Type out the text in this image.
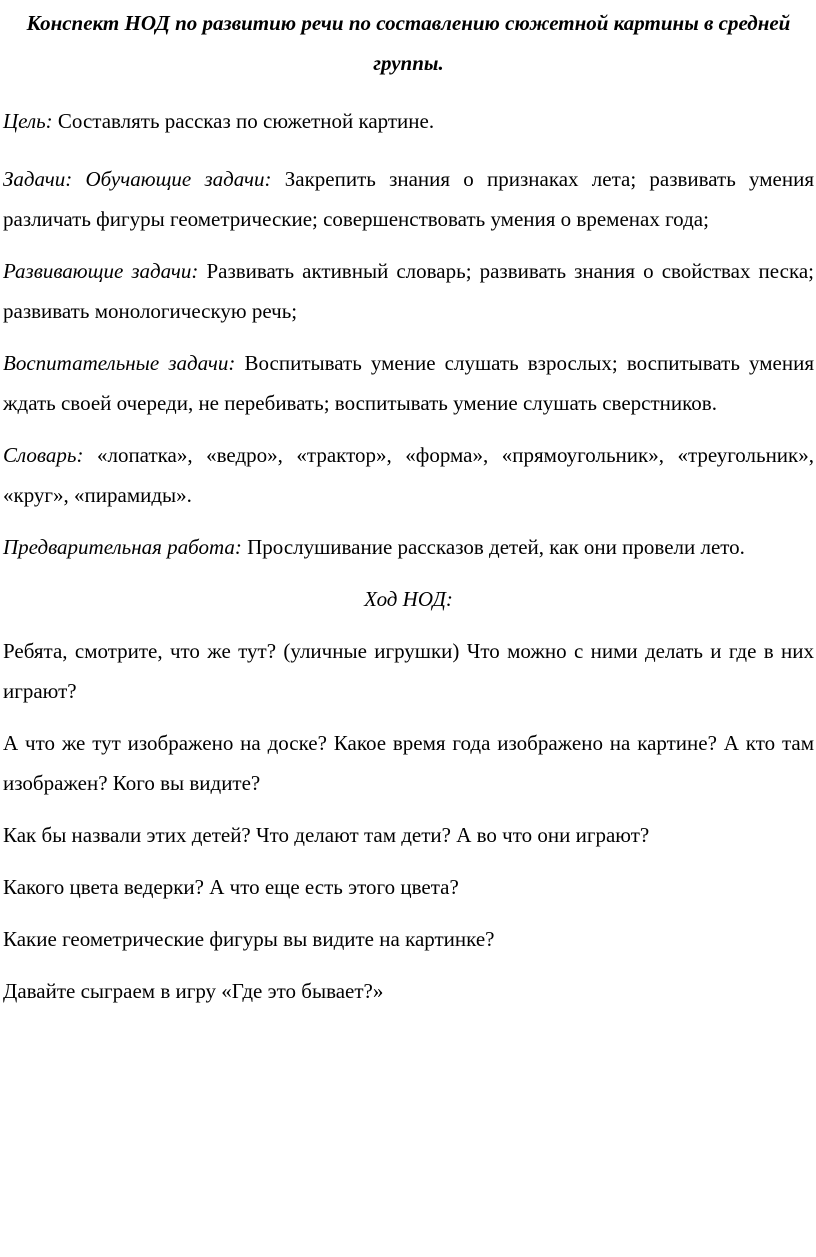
Конспект НОД по развитию речи по составлению сюжетной картины в средней группы.

Цель: Составлять рассказ по сюжетной картине.

Задачи: Обучающие задачи: Закрепить знания о признаках лета; развивать умения различать фигуры геометрические; совершенствовать умения о временах года;

Развивающие задачи: Развивать активный словарь; развивать знания о свойствах песка; развивать монологическую речь;

Воспитательные задачи: Воспитывать умение слушать взрослых; воспитывать умения ждать своей очереди, не перебивать; воспитывать умение слушать сверстников.

Словарь: «лопатка», «ведро», «трактор», «форма», «прямоугольник», «треугольник», «круг», «пирамиды».

Предварительная работа: Прослушивание рассказов детей, как они провели лето.

Ход НОД:

Ребята, смотрите, что же тут? (уличные игрушки) Что можно с ними делать и где в них играют?

А что же тут изображено на доске? Какое время года изображено на картине? А кто там изображен? Кого вы видите?

Как бы назвали этих детей? Что делают там дети? А во что они играют?

Какого цвета ведерки? А что еще есть этого цвета?

Какие геометрические фигуры вы видите на картинке?

Давайте сыграем в игру «Где это бывает?»
